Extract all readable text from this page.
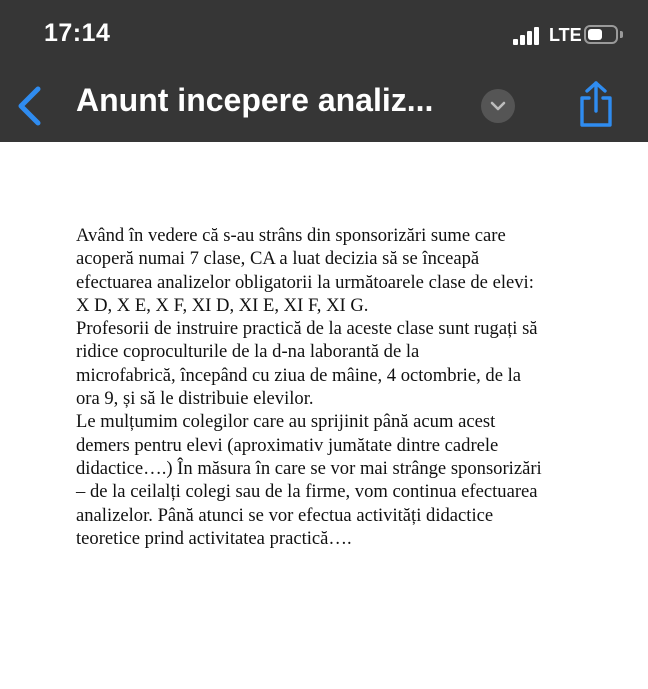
17:14	LTE
Anunt incepere analiz...
Având în vedere că s-au strâns din sponsorizări sume care
acoperă numai 7 clase, CA a luat decizia să se înceapă
efectuarea analizelor obligatorii la următoarele clase de elevi:
X D, X E, X F, XI D, XI E, XI F, XI G.
Profesorii de instruire practică de la aceste clase sunt rugați să
ridice coproculturile de la d-na laborantă de la
microfabrică, începând cu ziua de mâine, 4 octombrie, de la
ora 9, și să le distribuie elevilor.
Le mulțumim colegilor care au sprijinit până acum acest
demers pentru elevi (aproximativ jumătate dintre cadrele
didactice….) În măsura în care se vor mai strânge sponsorizări
– de la ceilalți colegi sau de la firme, vom continua efectuarea
analizelor. Până atunci se vor efectua activități didactice
teoretice prind activitatea practică….
